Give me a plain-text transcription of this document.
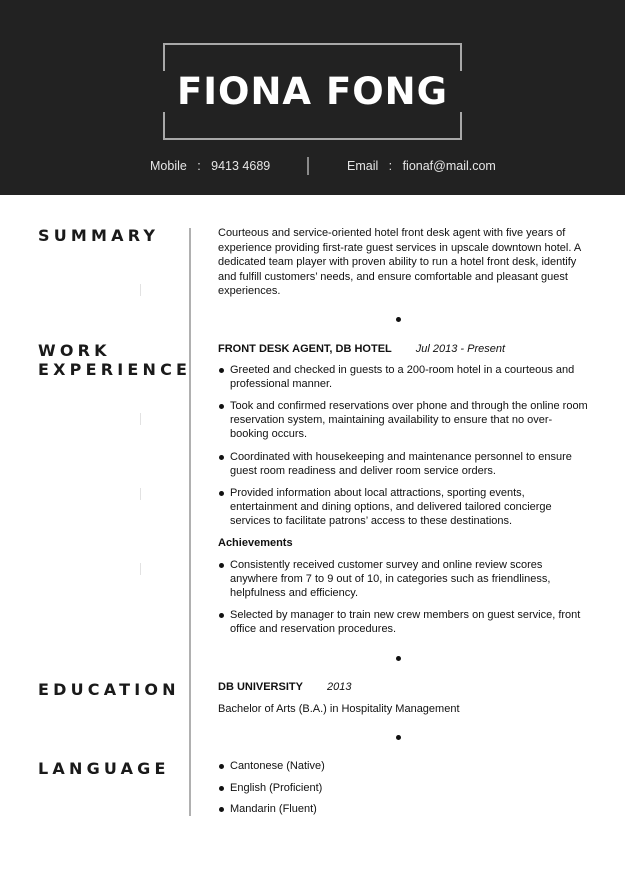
FIONA FONG
Mobile   :   9413 4689	Email   :   fionaf@mail.com
SUMMARY	Courteous and service-oriented hotel front desk agent with five years of experience providing first-rate guest services in upscale downtown hotel. A dedicated team player with proven ability to run a hotel front desk, identify and fulfill customers’ needs, and ensure comfortable and pleasant guest experiences.
WORK
EXPERIENCE
FRONT DESK AGENT, DB HOTEL Jul 2013 - Present
Greeted and checked in guests to a 200-room hotel in a courteous and professional manner.
Took and confirmed reservations over phone and through the online room reservation system, maintaining availability to ensure that no over-booking occurs.
Coordinated with housekeeping and maintenance personnel to ensure guest room readiness and deliver room service orders.
Provided information about local attractions, sporting events, entertainment and dining options, and delivered tailored concierge services to facilitate patrons’ access to these destinations.
Achievements
Consistently received customer survey and online review scores anywhere from 7 to 9 out of 10, in categories such as friendliness, helpfulness and efficiency.
Selected by manager to train new crew members on guest service, front office and reservation procedures.
EDUCATION	DB UNIVERSITY 2013
Bachelor of Arts (B.A.) in Hospitality Management
LANGUAGE	Cantonese (Native)
English (Proficient)
Mandarin (Fluent)
